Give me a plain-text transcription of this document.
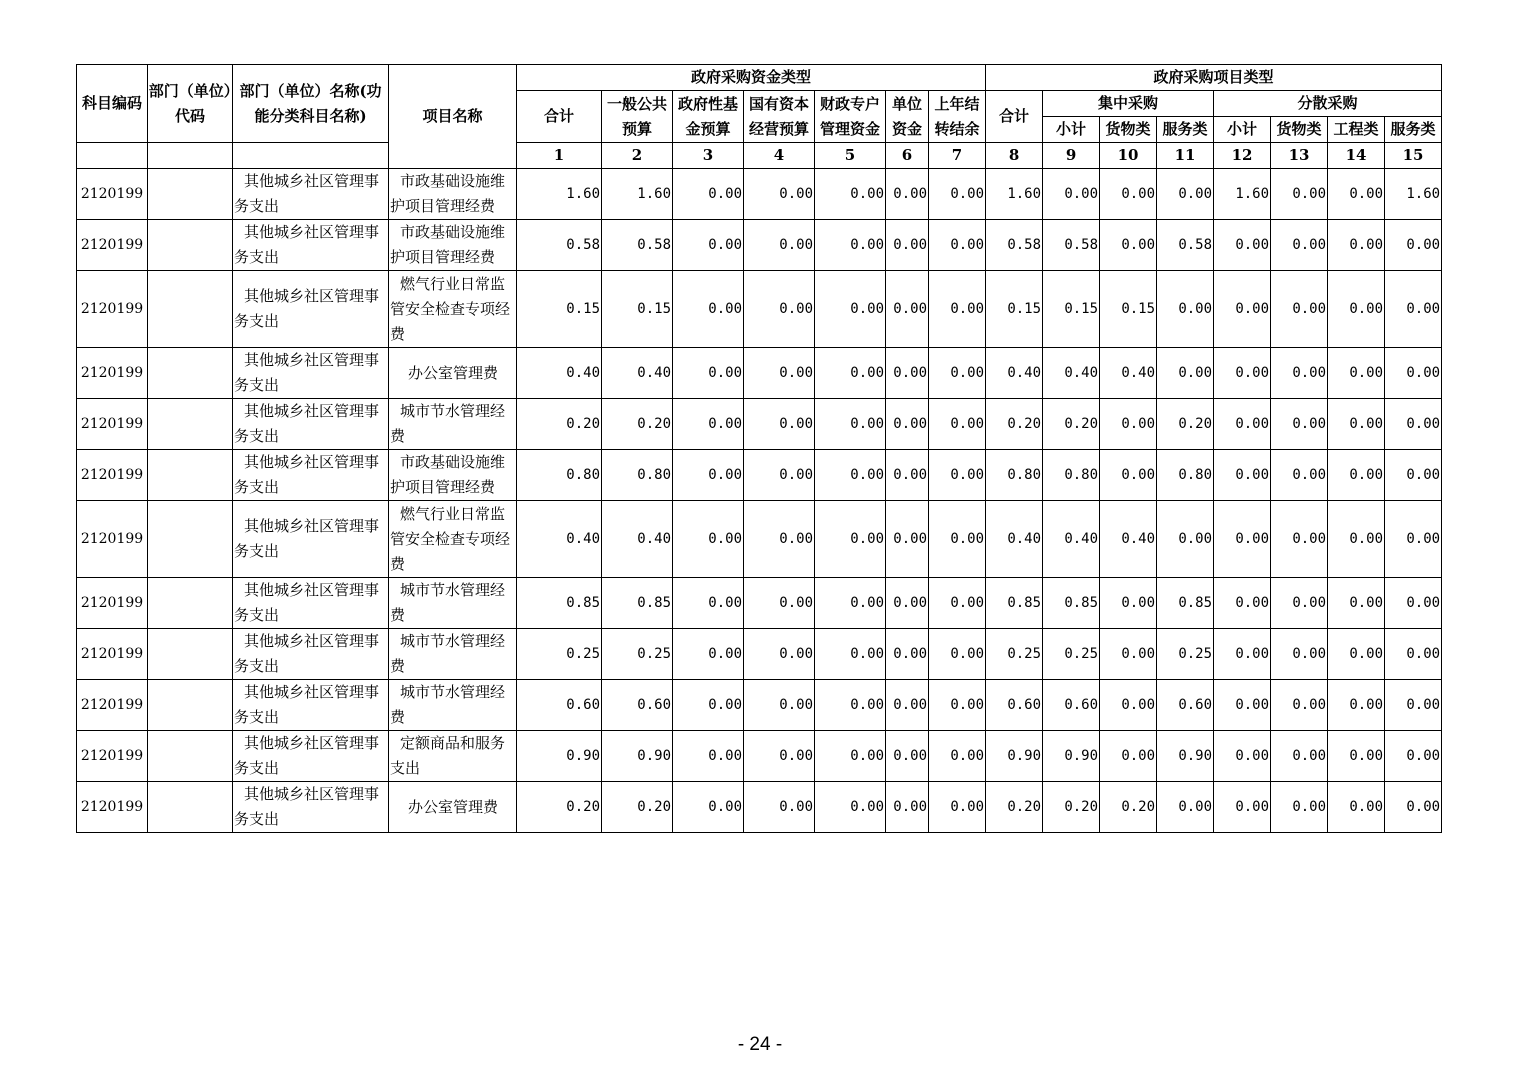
科目编码	部门（单位）代码	部门（单位）名称(功能分类科目名称)	项目名称	政府采购资金类型							政府采购项目类型							
				合计	一般公共预算	政府性基金预算	国有资本经营预算	财政专户管理资金	单位资金	上年结转结余	合计	集中采购			分散采购			
												小计	货物类	服务类	小计	货物类	工程类	服务类
				1	2	3	4	5	6	7	8	9	10	11	12	13	14	15
2120199		其他城乡社区管理事务支出	市政基础设施维护项目管理经费	1.60	1.60	0.00	0.00	0.00	0.00	0.00	1.60	0.00	0.00	0.00	1.60	0.00	0.00	1.60
2120199		其他城乡社区管理事务支出	市政基础设施维护项目管理经费	0.58	0.58	0.00	0.00	0.00	0.00	0.00	0.58	0.58	0.00	0.58	0.00	0.00	0.00	0.00
2120199		其他城乡社区管理事务支出	燃气行业日常监管安全检查专项经费	0.15	0.15	0.00	0.00	0.00	0.00	0.00	0.15	0.15	0.15	0.00	0.00	0.00	0.00	0.00
2120199		其他城乡社区管理事务支出	办公室管理费	0.40	0.40	0.00	0.00	0.00	0.00	0.00	0.40	0.40	0.40	0.00	0.00	0.00	0.00	0.00
2120199		其他城乡社区管理事务支出	城市节水管理经费	0.20	0.20	0.00	0.00	0.00	0.00	0.00	0.20	0.20	0.00	0.20	0.00	0.00	0.00	0.00
2120199		其他城乡社区管理事务支出	市政基础设施维护项目管理经费	0.80	0.80	0.00	0.00	0.00	0.00	0.00	0.80	0.80	0.00	0.80	0.00	0.00	0.00	0.00
2120199		其他城乡社区管理事务支出	燃气行业日常监管安全检查专项经费	0.40	0.40	0.00	0.00	0.00	0.00	0.00	0.40	0.40	0.40	0.00	0.00	0.00	0.00	0.00
2120199		其他城乡社区管理事务支出	城市节水管理经费	0.85	0.85	0.00	0.00	0.00	0.00	0.00	0.85	0.85	0.00	0.85	0.00	0.00	0.00	0.00
2120199		其他城乡社区管理事务支出	城市节水管理经费	0.25	0.25	0.00	0.00	0.00	0.00	0.00	0.25	0.25	0.00	0.25	0.00	0.00	0.00	0.00
2120199		其他城乡社区管理事务支出	城市节水管理经费	0.60	0.60	0.00	0.00	0.00	0.00	0.00	0.60	0.60	0.00	0.60	0.00	0.00	0.00	0.00
2120199		其他城乡社区管理事务支出	定额商品和服务支出	0.90	0.90	0.00	0.00	0.00	0.00	0.00	0.90	0.90	0.00	0.90	0.00	0.00	0.00	0.00
2120199		其他城乡社区管理事务支出	办公室管理费	0.20	0.20	0.00	0.00	0.00	0.00	0.00	0.20	0.20	0.20	0.00	0.00	0.00	0.00	0.00
- 24 -
